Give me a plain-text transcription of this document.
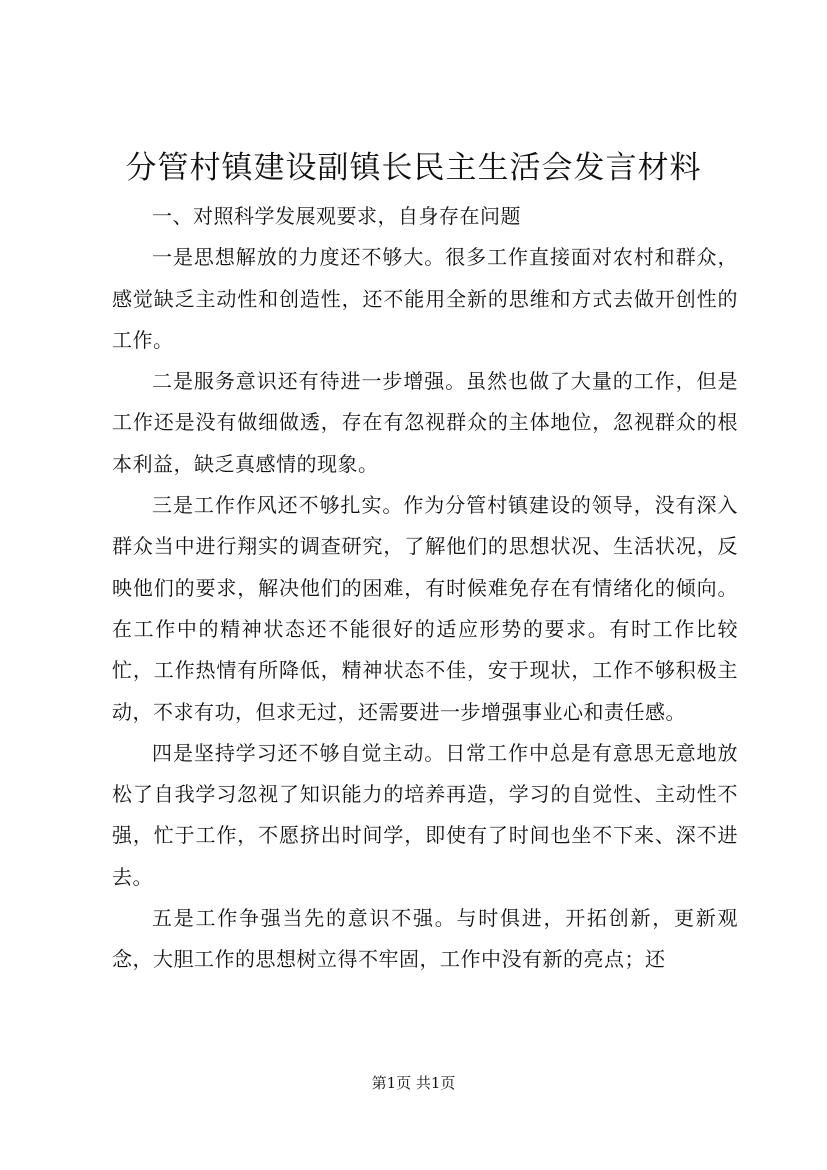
分管村镇建设副镇长民主生活会发言材料

一、对照科学发展观要求，自身存在问题

一是思想解放的力度还不够大。很多工作直接面对农村和群众，感觉缺乏主动性和创造性，还不能用全新的思维和方式去做开创性的工作。

二是服务意识还有待进一步增强。虽然也做了大量的工作，但是工作还是没有做细做透，存在有忽视群众的主体地位，忽视群众的根本利益，缺乏真感情的现象。

三是工作作风还不够扎实。作为分管村镇建设的领导，没有深入群众当中进行翔实的调查研究，了解他们的思想状况、生活状况，反映他们的要求，解决他们的困难，有时候难免存在有情绪化的倾向。在工作中的精神状态还不能很好的适应形势的要求。有时工作比较忙，工作热情有所降低，精神状态不佳，安于现状，工作不够积极主动，不求有功，但求无过，还需要进一步增强事业心和责任感。

四是坚持学习还不够自觉主动。日常工作中总是有意思无意地放松了自我学习忽视了知识能力的培养再造，学习的自觉性、主动性不强，忙于工作，不愿挤出时间学，即使有了时间也坐不下来、深不进去。

五是工作争强当先的意识不强。与时俱进，开拓创新，更新观念，大胆工作的思想树立得不牢固，工作中没有新的亮点；还

第1页 共1页
